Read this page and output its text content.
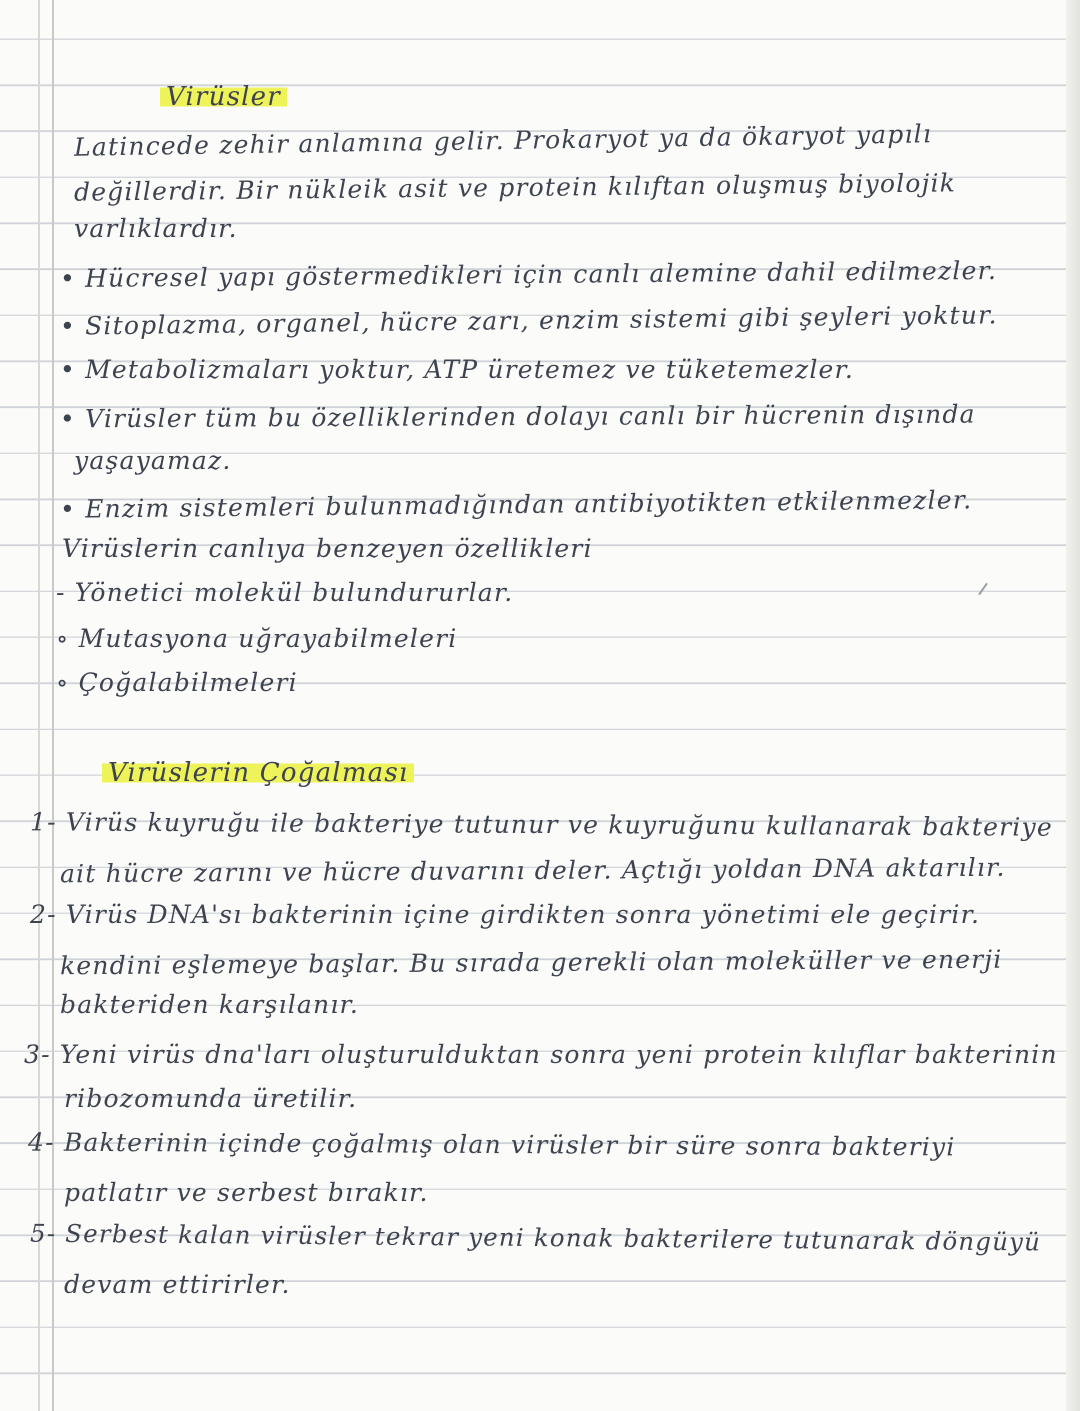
Virüsler
Latincede zehir anlamına gelir. Prokaryot ya da ökaryot yapılı
değillerdir. Bir nükleik asit ve protein kılıftan oluşmuş biyolojik
varlıklardır.
• Hücresel yapı göstermedikleri için canlı alemine dahil edilmezler.
• Sitoplazma, organel, hücre zarı, enzim sistemi gibi şeyleri yoktur.
• Metabolizmaları yoktur, ATP üretemez ve tüketemezler.
• Virüsler tüm bu özelliklerinden dolayı canlı bir hücrenin dışında
yaşayamaz.
• Enzim sistemleri bulunmadığından antibiyotikten etkilenmezler.
Virüslerin canlıya benzeyen özellikleri
- Yönetici molekül bulundururlar.
∘ Mutasyona uğrayabilmeleri
∘ Çoğalabilmeleri
Virüslerin Çoğalması
1- Virüs kuyruğu ile bakteriye tutunur ve kuyruğunu kullanarak bakteriye
ait hücre zarını ve hücre duvarını deler. Açtığı yoldan DNA aktarılır.
2- Virüs DNA'sı bakterinin içine girdikten sonra yönetimi ele geçirir.
kendini eşlemeye başlar. Bu sırada gerekli olan moleküller ve enerji
bakteriden karşılanır.
3- Yeni virüs dna'ları oluşturulduktan sonra yeni protein kılıflar bakterinin
ribozomunda üretilir.
4- Bakterinin içinde çoğalmış olan virüsler bir süre sonra bakteriyi
patlatır ve serbest bırakır.
5- Serbest kalan virüsler tekrar yeni konak bakterilere tutunarak döngüyü
devam ettirirler.
